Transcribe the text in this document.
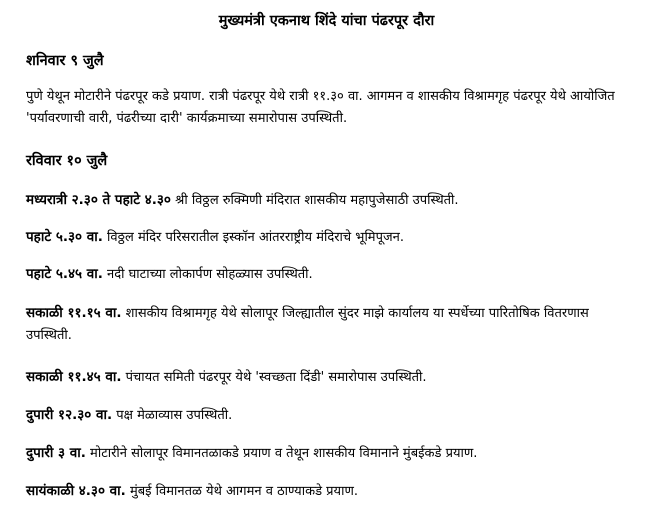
मुख्यमंत्री एकनाथ शिंदे यांचा पंढरपूर दौरा
शनिवार ९ जुलै

पुणे येथून मोटारीने पंढरपूर कडे प्रयाण. रात्री पंढरपूर येथे रात्री ११.३० वा. आगमन व शासकीय विश्रामगृह पंढरपूर येथे आयोजित 'पर्यावरणाची वारी, पंढरीच्या दारी' कार्यक्रमाच्या समारोपास उपस्थिती.

रविवार १० जुलै

मध्यरात्री २.३० ते पहाटे ४.३० श्री विठ्ठल रुक्मिणी मंदिरात शासकीय महापुजेसाठी उपस्थिती.

पहाटे ५.३० वा. विठ्ठल मंदिर परिसरातील इस्कॉन आंतरराष्ट्रीय मंदिराचे भूमिपूजन.

पहाटे ५.४५ वा. नदी घाटाच्या लोकार्पण सोहळ्यास उपस्थिती.

सकाळी ११.१५ वा. शासकीय विश्रामगृह येथे सोलापूर जिल्ह्यातील सुंदर माझे कार्यालय या स्पर्धेच्या पारितोषिक वितरणास उपस्थिती.

सकाळी ११.४५ वा. पंचायत समिती पंढरपूर येथे 'स्वच्छता दिंडी' समारोपास उपस्थिती.

दुपारी १२.३० वा. पक्ष मेळाव्यास उपस्थिती.

दुपारी ३ वा. मोटारीने सोलापूर विमानतळाकडे प्रयाण व तेथून शासकीय विमानाने मुंबईकडे प्रयाण.

सायंकाळी ४.३० वा. मुंबई विमानतळ येथे आगमन व ठाण्याकडे प्रयाण.
